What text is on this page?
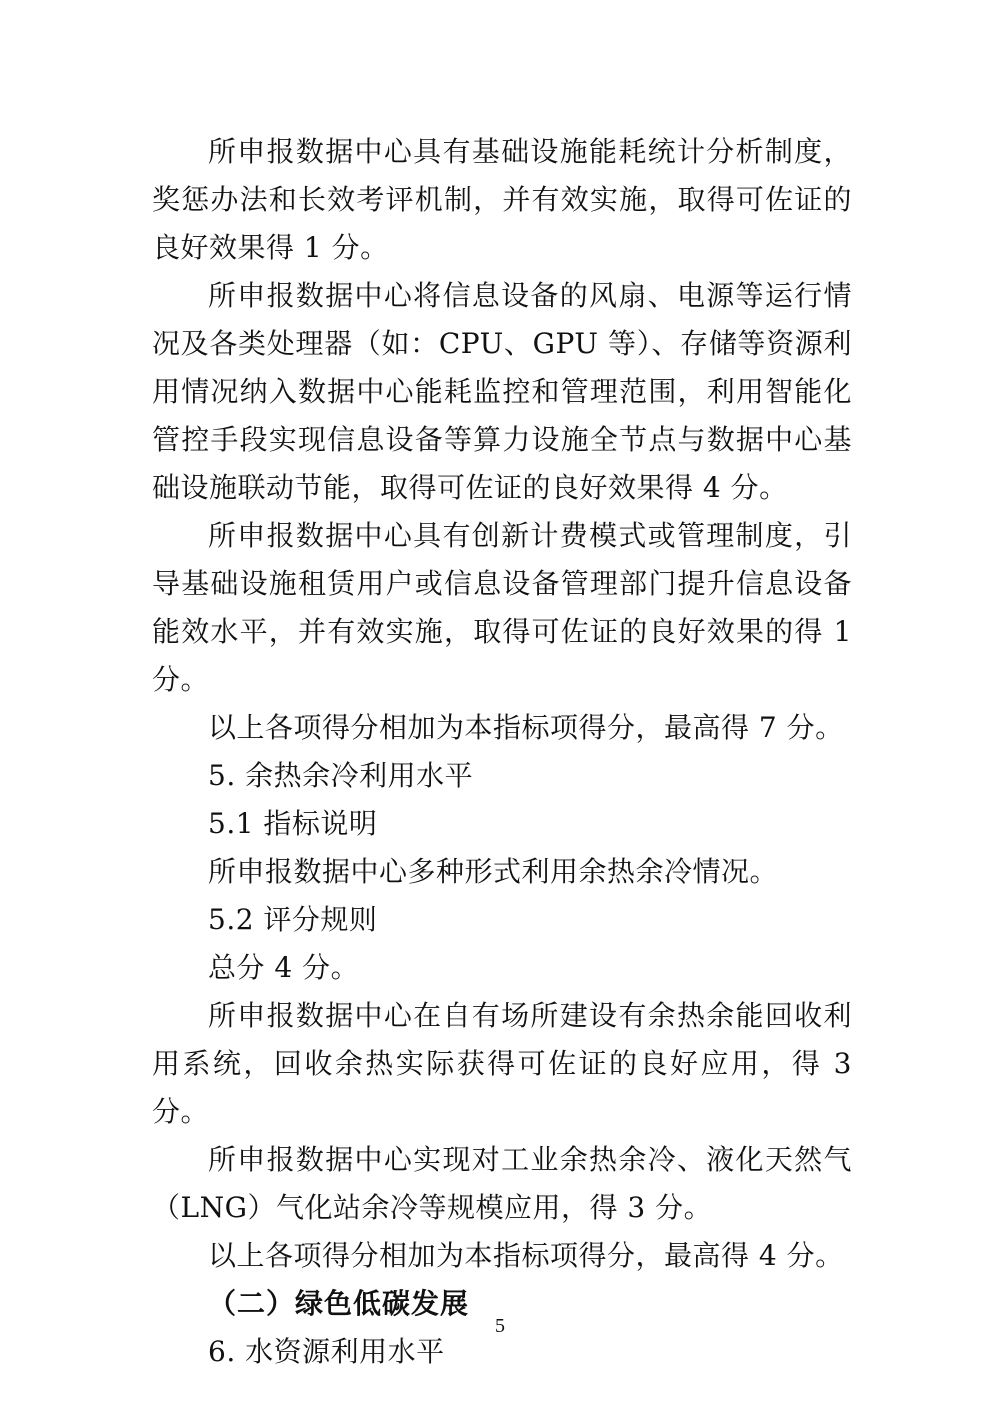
所申报数据中心具有基础设施能耗统计分析制度，奖惩办法和长效考评机制，并有效实施，取得可佐证的良好效果得 1 分。

所申报数据中心将信息设备的风扇、电源等运行情况及各类处理器（如：CPU、GPU 等）、存储等资源利用情况纳入数据中心能耗监控和管理范围，利用智能化管控手段实现信息设备等算力设施全节点与数据中心基础设施联动节能，取得可佐证的良好效果得 4 分。

所申报数据中心具有创新计费模式或管理制度，引导基础设施租赁用户或信息设备管理部门提升信息设备能效水平，并有效实施，取得可佐证的良好效果的得 1 分。

以上各项得分相加为本指标项得分，最高得 7 分。

5. 余热余冷利用水平

5.1 指标说明

所申报数据中心多种形式利用余热余冷情况。

5.2 评分规则

总分 4 分。

所申报数据中心在自有场所建设有余热余能回收利用系统，回收余热实际获得可佐证的良好应用，得 3 分。

所申报数据中心实现对工业余热余冷、液化天然气（LNG）气化站余冷等规模应用，得 3 分。

以上各项得分相加为本指标项得分，最高得 4 分。

（二）绿色低碳发展

6. 水资源利用水平

5
